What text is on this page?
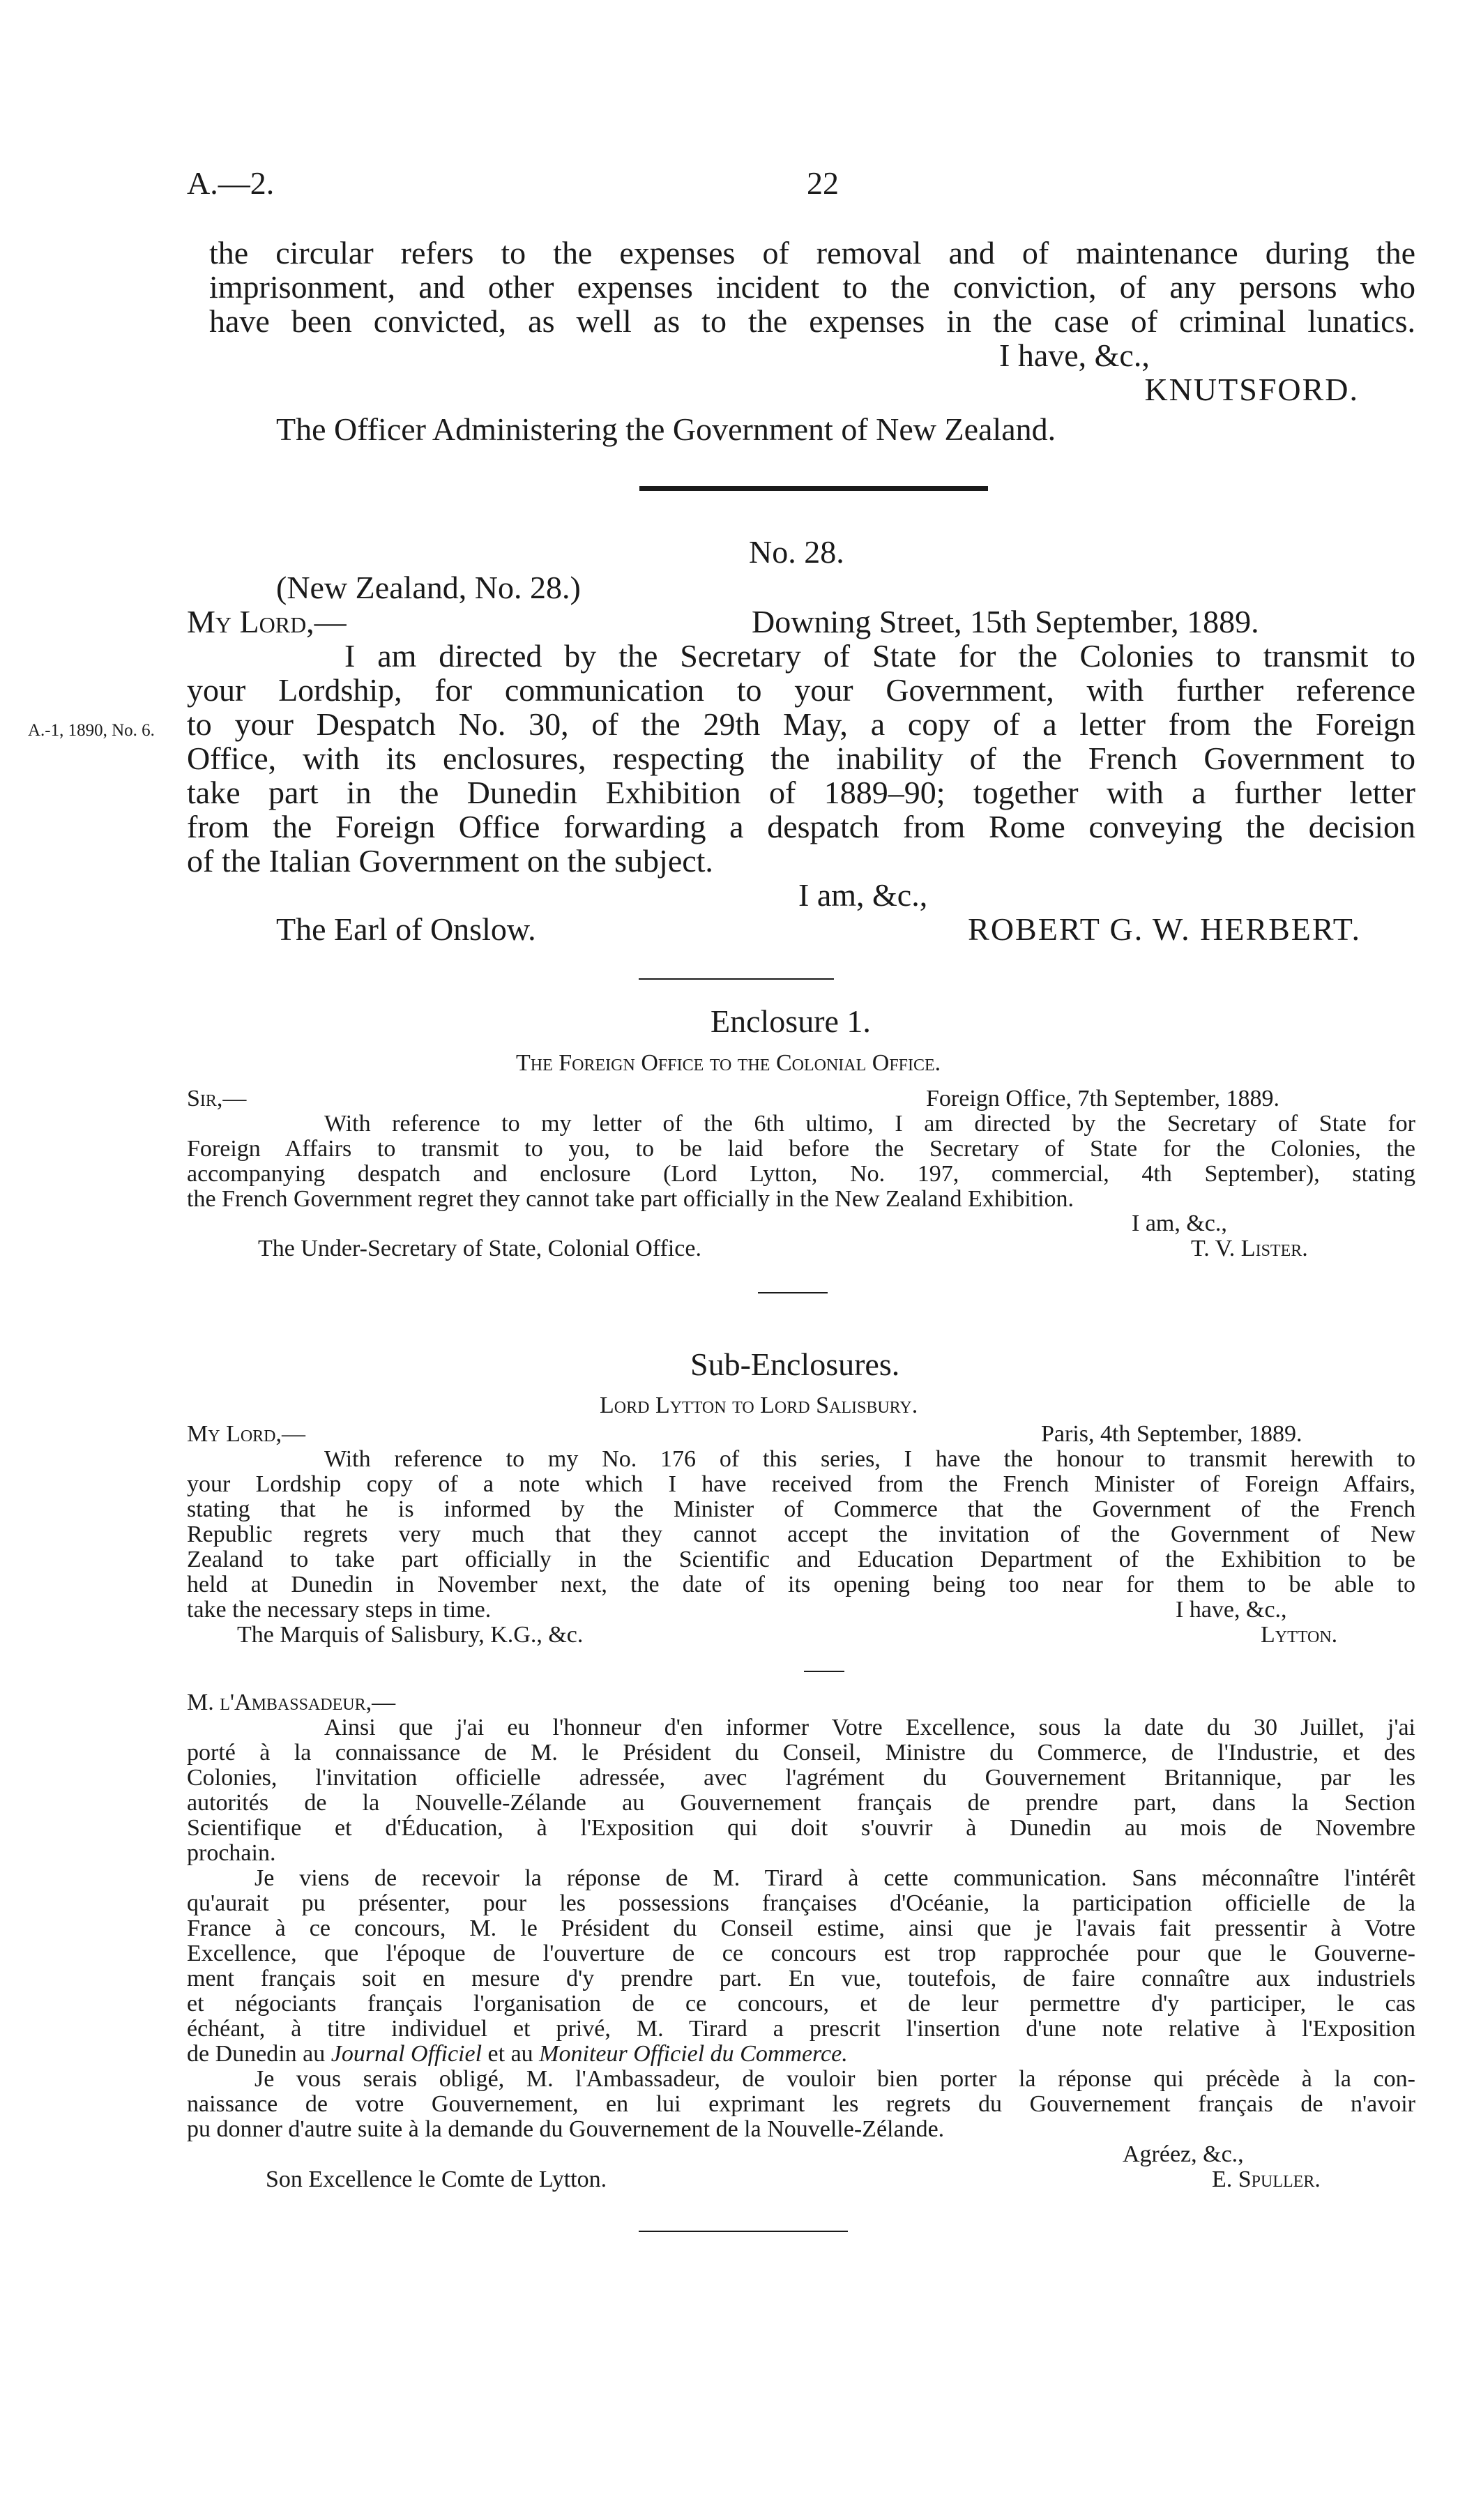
A.—2.	22
the circular refers to the expenses of removal and of maintenance during the
imprisonment, and other expenses incident to the conviction, of any persons who
have been convicted, as well as to the expenses in the case of criminal lunatics.
I have, &c.,
KNUTSFORD.
The Officer Administering the Government of New Zealand.
No. 28.
(New Zealand, No. 28.)
My Lord,—	Downing Street, 15th September, 1889.
A.-1, 1890, No. 6.
I am directed by the Secretary of State for the Colonies to transmit to
your Lordship, for communication to your Government, with further reference
to your Despatch No. 30, of the 29th May, a copy of a letter from the Foreign
Office, with its enclosures, respecting the inability of the French Government to
take part in the Dunedin Exhibition of 1889–90; together with a further letter
from the Foreign Office forwarding a despatch from Rome conveying the decision
of the Italian Government on the subject.
I am, &c.,
The Earl of Onslow.	ROBERT G. W. HERBERT.
Enclosure 1.
The Foreign Office to the Colonial Office.
Sir,—	Foreign Office, 7th September, 1889.
With reference to my letter of the 6th ultimo, I am directed by the Secretary of State for
Foreign Affairs to transmit to you, to be laid before the Secretary of State for the Colonies, the
accompanying despatch and enclosure (Lord Lytton, No. 197, commercial, 4th September), stating
the French Government regret they cannot take part officially in the New Zealand Exhibition.
I am, &c.,
The Under-Secretary of State, Colonial Office.	T. V. Lister.
Sub-Enclosures.
Lord Lytton to Lord Salisbury.
My Lord,—	Paris, 4th September, 1889.
With reference to my No. 176 of this series, I have the honour to transmit herewith to
your Lordship copy of a note which I have received from the French Minister of Foreign Affairs,
stating that he is informed by the Minister of Commerce that the Government of the French
Republic regrets very much that they cannot accept the invitation of the Government of New
Zealand to take part officially in the Scientific and Education Department of the Exhibition to be
held at Dunedin in November next, the date of its opening being too near for them to be able to
take the necessary steps in time.	I have, &c.,
The Marquis of Salisbury, K.G., &c.	Lytton.
M. l'Ambassadeur,—
Ainsi que j'ai eu l'honneur d'en informer Votre Excellence, sous la date du 30 Juillet, j'ai
porté à la connaissance de M. le Président du Conseil, Ministre du Commerce, de l'Industrie, et des
Colonies, l'invitation officielle adressée, avec l'agrément du Gouvernement Britannique, par les
autorités de la Nouvelle-Zélande au Gouvernement français de prendre part, dans la Section
Scientifique et d'Éducation, à l'Exposition qui doit s'ouvrir à Dunedin au mois de Novembre
prochain.
Je viens de recevoir la réponse de M. Tirard à cette communication. Sans méconnaître l'intérêt
qu'aurait pu présenter, pour les possessions françaises d'Océanie, la participation officielle de la
France à ce concours, M. le Président du Conseil estime, ainsi que je l'avais fait pressentir à Votre
Excellence, que l'époque de l'ouverture de ce concours est trop rapprochée pour que le Gouverne-
ment français soit en mesure d'y prendre part. En vue, toutefois, de faire connaître aux industriels
et négociants français l'organisation de ce concours, et de leur permettre d'y participer, le cas
échéant, à titre individuel et privé, M. Tirard a prescrit l'insertion d'une note relative à l'Exposition
de Dunedin au Journal Officiel et au Moniteur Officiel du Commerce.
Je vous serais obligé, M. l'Ambassadeur, de vouloir bien porter la réponse qui précède à la con-
naissance de votre Gouvernement, en lui exprimant les regrets du Gouvernement français de n'avoir
pu donner d'autre suite à la demande du Gouvernement de la Nouvelle-Zélande.
Agréez, &c.,
Son Excellence le Comte de Lytton.	E. Spuller.
